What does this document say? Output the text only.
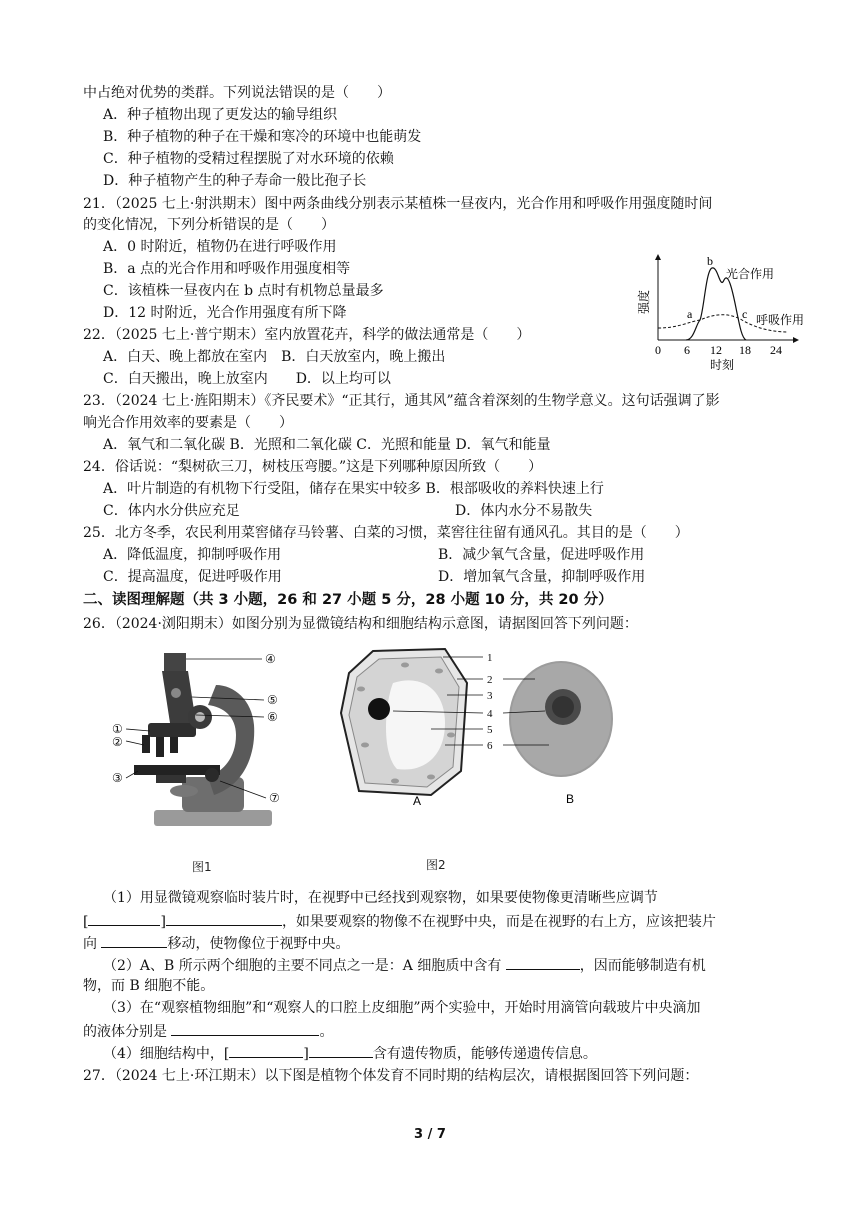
中占绝对优势的类群。下列说法错误的是（　　）
A．种子植物出现了更发达的输导组织
B．种子植物的种子在干燥和寒冷的环境中也能萌发
C．种子植物的受精过程摆脱了对水环境的依赖
D．种子植物产生的种子寿命一般比孢子长
21．（2025 七上·射洪期末）图中两条曲线分别表示某植株一昼夜内，光合作用和呼吸作用强度随时间
的变化情况，下列分析错误的是（　　）
A．0 时附近，植物仍在进行呼吸作用
B．a 点的光合作用和呼吸作用强度相等
C．该植株一昼夜内在 b 点时有机物总量最多
D．12 时附近，光合作用强度有所下降
b
a	c
光合作用
呼吸作用
强度
0 6 12 18 24
时刻
22．（2025 七上·普宁期末）室内放置花卉，科学的做法通常是（　　）
A．白天、晚上都放在室内　B．白天放室内，晚上搬出
C．白天搬出，晚上放室内　　D．以上均可以
23．（2024 七上·旌阳期末）《齐民要术》“正其行，通其风”蕴含着深刻的生物学意义。这句话强调了影
响光合作用效率的要素是（　　）
A．氧气和二氧化碳 B．光照和二氧化碳 C．光照和能量 D．氧气和能量
24．俗话说：“梨树砍三刀，树枝压弯腰。”这是下列哪种原因所致（　　）
A．叶片制造的有机物下行受阻，储存在果实中较多 B．根部吸收的养料快速上行
C．体内水分供应充足	D．体内水分不易散失
25．北方冬季，农民利用菜窖储存马铃薯、白菜的习惯，菜窖往往留有通风孔。其目的是（　　）
A．降低温度，抑制呼吸作用	B．减少氧气含量，促进呼吸作用
C．提高温度，促进呼吸作用	D．增加氧气含量，抑制呼吸作用
二、读图理解题（共 3 小题，26 和 27 小题 5 分，28 小题 10 分，共 20 分）
26．（2024·浏阳期末）如图分别为显微镜结构和细胞结构示意图，请据图回答下列问题：
④
⑤
⑥
①
②
③
⑦
图1
1
2
3
4
5
6
A	B
图2
（1）用显微镜观察临时装片时，在视野中已经找到观察物，如果要使物像更清晰些应调节
[	]	，如果要观察的物像不在视野中央，而是在视野的右上方，应该把装片
向	移动，使物像位于视野中央。
（2）A、B 所示两个细胞的主要不同点之一是：A 细胞质中含有	，因而能够制造有机
物，而 B 细胞不能。
（3）在“观察植物细胞”和“观察人的口腔上皮细胞”两个实验中，开始时用滴管向载玻片中央滴加
的液体分别是	。
（4）细胞结构中，[	]	含有遗传物质，能够传递遗传信息。
27．（2024 七上·环江期末）以下图是植物个体发育不同时期的结构层次，请根据图回答下列问题：
3 / 7
